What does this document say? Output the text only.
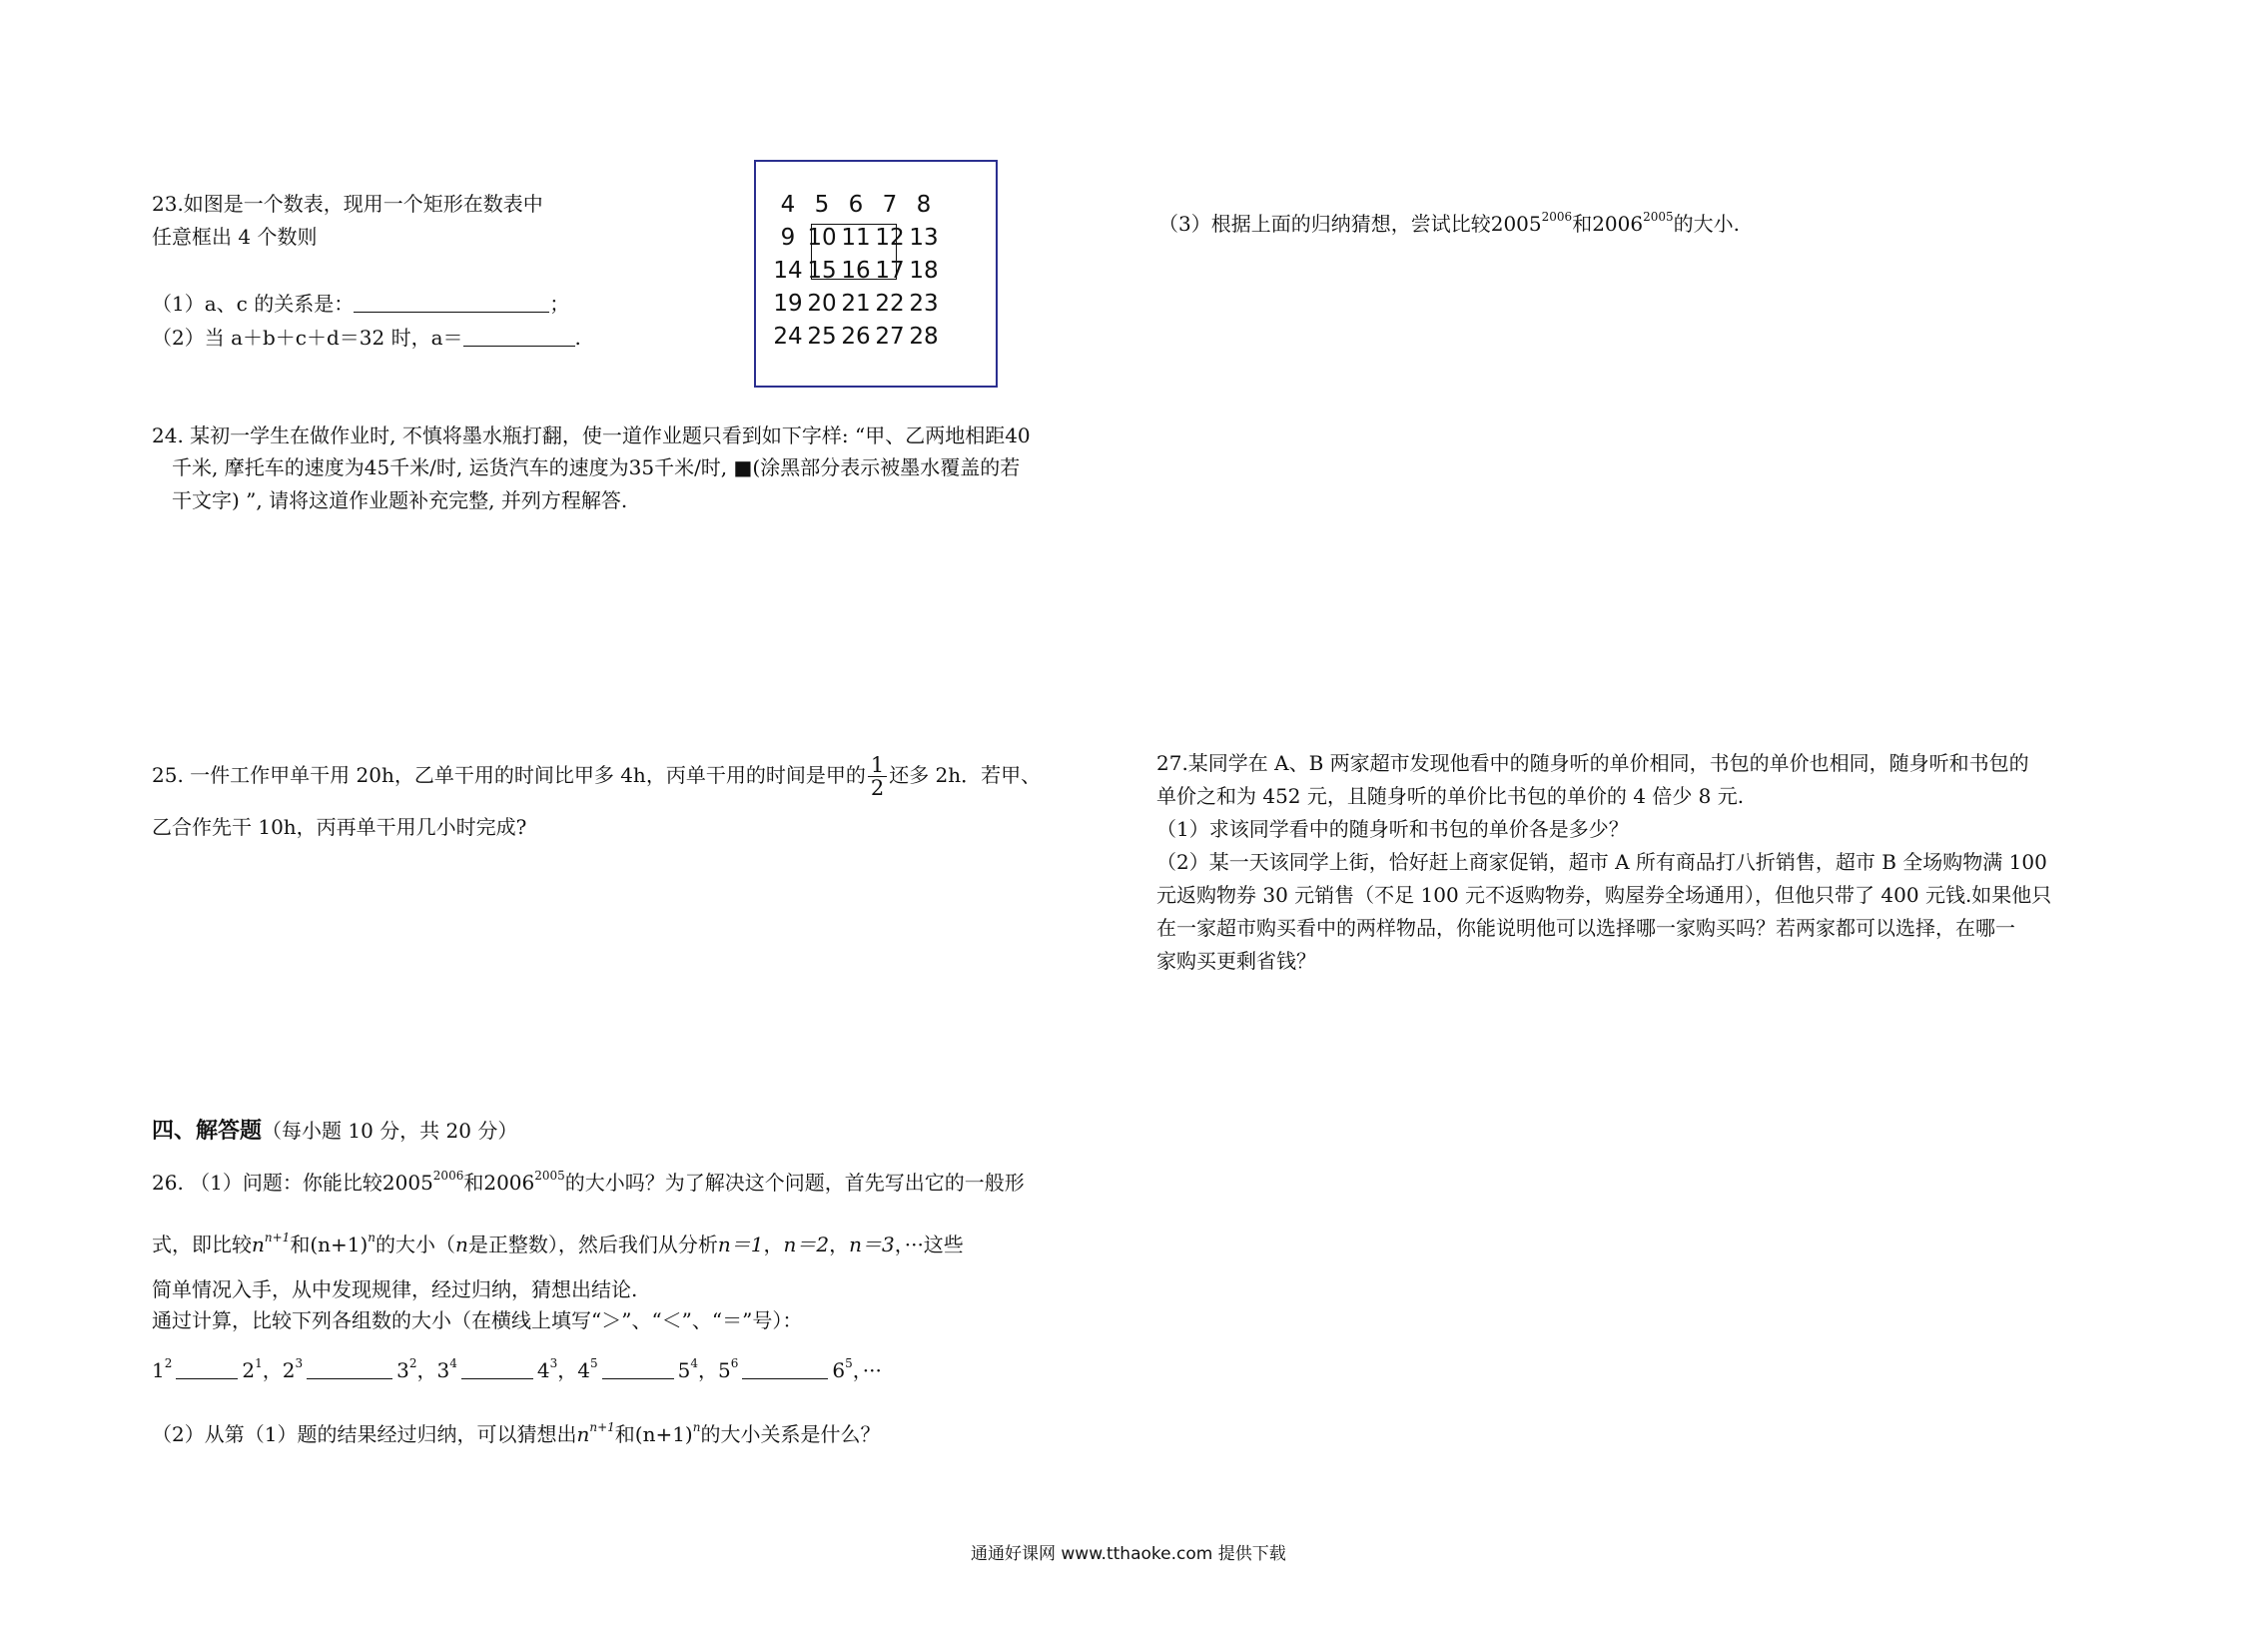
23.如图是一个数表，现用一个矩形在数表中
任意框出 4 个数则
（1）a、c 的关系是：	；
（2）当 a＋b＋c＋d＝32 时，a＝	.
4 5 6 7 8
9 10 11 12 13
14 15 16 17 18
19 20 21 22 23
24 25 26 27 28
24. 某初一学生在做作业时, 不慎将墨水瓶打翻，使一道作业题只看到如下字样: “甲、乙两地相距40
千米, 摩托车的速度为45千米/时, 运货汽车的速度为35千米/时, ■(涂黑部分表示被墨水覆盖的若
干文字) ”, 请将这道作业题补充完整, 并列方程解答.
25. 一件工作甲单干用 20h，乙单干用的时间比甲多 4h，丙单干用的时间是甲的 $\frac{1}{2}$ 还多 2h．若甲、
乙合作先干 10h，丙再单干用几小时完成?
四、解答题（每小题 10 分，共 20 分）
26. （1）问题：你能比较$2005^{2006}$和$2006^{2005}$的大小吗？为了解决这个问题，首先写出它的一般形
式，即比较$n^{n+1}$和$(n+1)^n$的大小（n是正整数），然后我们从分析n＝1，n＝2，n＝3，···这些
简单情况入手，从中发现规律，经过归纳，猜想出结论.
通过计算，比较下列各组数的大小（在横线上填写“＞”、“＜”、“＝”号）：
$1^2$	$2^1$，$2^3$	$3^2$，$3^4$	$4^3$，$4^5$	$5^4$，$5^6$	$6^5$，···
（2）从第（1）题的结果经过归纳，可以猜想出$n^{n+1}$和$(n+1)^n$的大小关系是什么？
（3）根据上面的归纳猜想，尝试比较$2005^{2006}$和$2006^{2005}$的大小.
27.某同学在 A、B 两家超市发现他看中的随身听的单价相同，书包的单价也相同，随身听和书包的
单价之和为 452 元，且随身听的单价比书包的单价的 4 倍少 8 元.
（1）求该同学看中的随身听和书包的单价各是多少？
（2）某一天该同学上街，恰好赶上商家促销，超市 A 所有商品打八折销售，超市 B 全场购物满 100
元返购物券 30 元销售（不足 100 元不返购物券，购屋券全场通用），但他只带了 400 元钱.如果他只
在一家超市购买看中的两样物品，你能说明他可以选择哪一家购买吗？若两家都可以选择，在哪一
家购买更剩省钱？
通通好课网 www.tthaoke.com 提供下载
